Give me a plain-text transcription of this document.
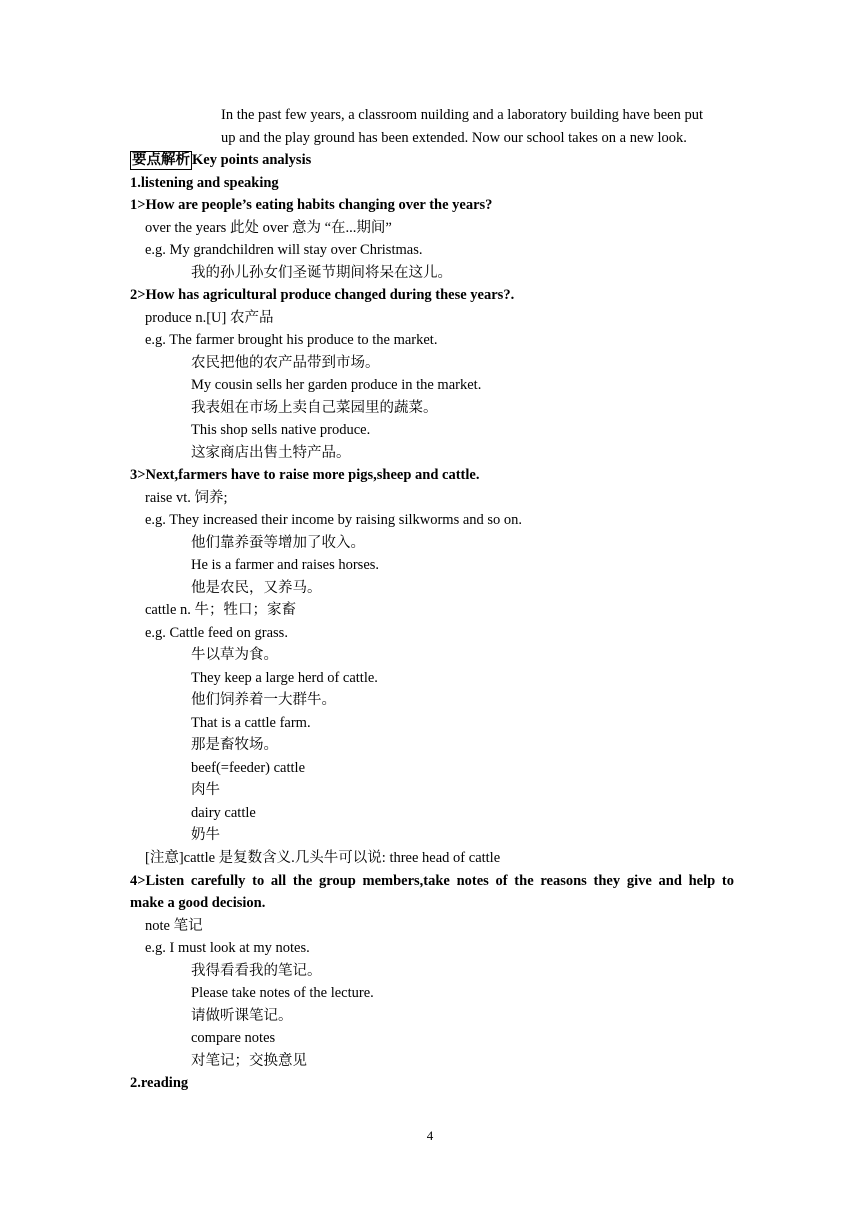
In the past few years, a classroom nuilding and a laboratory building have been put
up and the play ground has been extended. Now our school takes on a new look.
要点解析 Key points analysis
1.listening and speaking
1>How are people’s eating habits changing over the years?
over the years 此处 over 意为 “在...期间”
e.g. My grandchildren will stay over Christmas.
我的孙儿孙女们圣诞节期间将呆在这儿。
2>How has agricultural produce changed during these years?.
produce n.[U] 农产品
e.g. The farmer brought his produce to the market.
农民把他的农产品带到市场。
My cousin sells her garden produce in the market.
我表姐在市场上卖自己菜园里的蔬菜。
This shop sells native produce.
这家商店出售土特产品。
3>Next,farmers have to raise more pigs,sheep and cattle.
raise vt. 饲养;
e.g. They increased their income by raising silkworms and so on.
他们靠养蚕等增加了收入。
He is a farmer and raises horses.
他是农民，又养马。
cattle n. 牛；牲口；家畜
e.g. Cattle feed on grass.
牛以草为食。
They keep a large herd of cattle.
他们饲养着一大群牛。
That is a cattle farm.
那是畜牧场。
beef(=feeder) cattle
肉牛
dairy cattle
奶牛
[注意]cattle 是复数含义.几头牛可以说: three head of cattle
4>Listen carefully to all the group members,take notes of the reasons they give and help to
make a good decision.
note 笔记
e.g. I must look at my notes.
我得看看我的笔记。
Please take notes of the lecture.
请做听课笔记。
compare notes
对笔记；交换意见
2.reading
4
